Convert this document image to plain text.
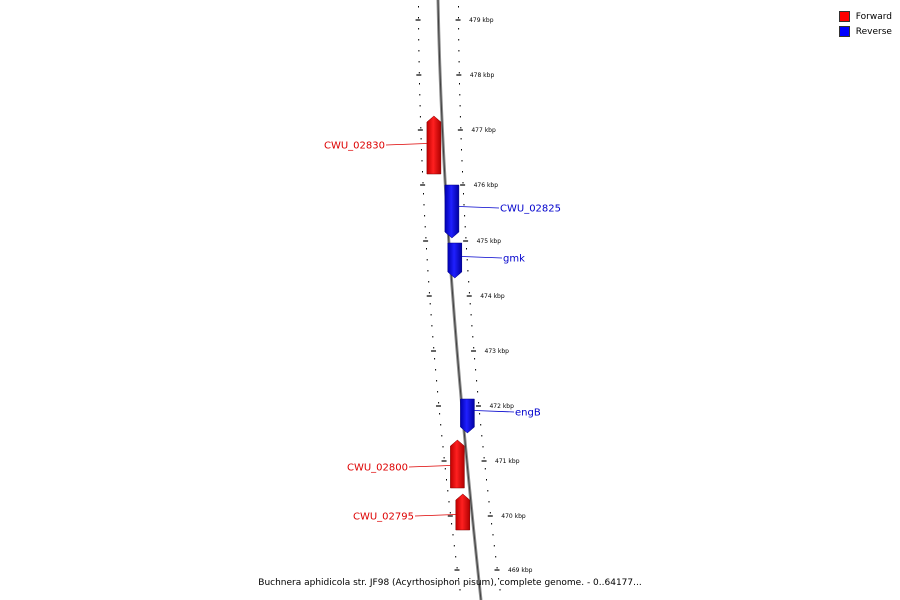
479 kbp
478 kbp
477 kbp
476 kbp
475 kbp
474 kbp
473 kbp
472 kbp
471 kbp
470 kbp
469 kbp
CWU_02830
CWU_02825
gmk
engB
CWU_02800
CWU_02795
Forward
Reverse
Buchnera aphidicola str. JF98 (Acyrthosiphon pisum), complete genome. - 0..64177...
